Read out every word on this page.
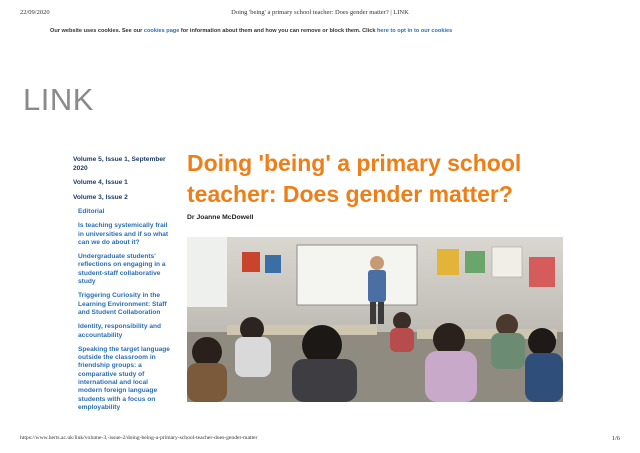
22/09/2020	Doing 'being' a primary school teacher: Does gender matter? | LINK
Our website uses cookies. See our cookies page for information about them and how you can remove or block them. Click here to opt in to our cookies
LINK
Volume 5, Issue 1, September 2020
Volume 4, Issue 1
Volume 3, Issue 2
Editorial
Is teaching systemically frail in universities and if so what can we do about it?
Undergraduate students' reflections on engaging in a student-staff collaborative study
Triggering Curiosity in the Learning Environment: Staff and Student Collaboration
Identity, responsibility and accountability
Speaking the target language outside the classroom in friendship groups: a comparative study of international and local modern foreign language students with a focus on employability
Doing 'being' a primary school teacher: Does gender matter?
Dr Joanne McDowell
https://www.herts.ac.uk/link/volume-3,-issue-2/doing-being-a-primary-school-teacher-does-gender-matter	1/6
